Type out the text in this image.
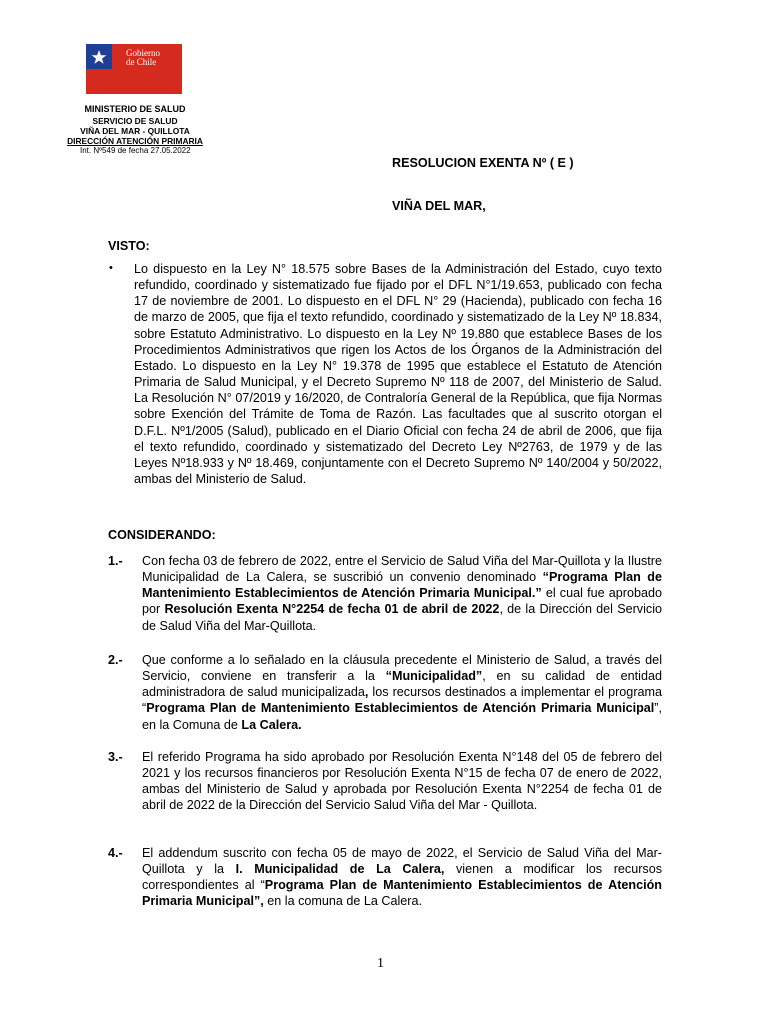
Gobierno
de Chile
MINISTERIO DE SALUD
SERVICIO DE SALUD
VIÑA DEL MAR - QUILLOTA
DIRECCIÓN ATENCIÓN PRIMARIA
Int. Nº549 de fecha 27.05.2022
RESOLUCION EXENTA Nº ( E )
VIÑA DEL MAR,
VISTO:
• Lo dispuesto en la Ley N° 18.575 sobre Bases de la Administración del Estado, cuyo texto refundido, coordinado y sistematizado fue fijado por el DFL N°1/19.653, publicado con fecha 17 de noviembre de 2001. Lo dispuesto en el DFL N° 29 (Hacienda), publicado con fecha 16 de marzo de 2005, que fija el texto refundido, coordinado y sistematizado de la Ley Nº 18.834, sobre Estatuto Administrativo. Lo dispuesto en la Ley Nº 19.880 que establece Bases de los Procedimientos Administrativos que rigen los Actos de los Órganos de la Administración del Estado. Lo dispuesto en la Ley N° 19.378 de 1995 que establece el Estatuto de Atención Primaria de Salud Municipal, y el Decreto Supremo Nº 118 de 2007, del Ministerio de Salud. La Resolución N° 07/2019 y 16/2020, de Contraloría General de la República, que fija Normas sobre Exención del Trámite de Toma de Razón. Las facultades que al suscrito otorgan el D.F.L. Nº1/2005 (Salud), publicado en el Diario Oficial con fecha 24 de abril de 2006, que fija el texto refundido, coordinado y sistematizado del Decreto Ley Nº2763, de 1979 y de las Leyes Nº18.933 y Nº 18.469, conjuntamente con el Decreto Supremo Nº 140/2004 y 50/2022, ambas del Ministerio de Salud.
CONSIDERANDO:
1.- Con fecha 03 de febrero de 2022, entre el Servicio de Salud Viña del Mar-Quillota y la Ilustre Municipalidad de La Calera, se suscribió un convenio denominado “Programa Plan de Mantenimiento Establecimientos de Atención Primaria Municipal.” el cual fue aprobado por Resolución Exenta N°2254 de fecha 01 de abril de 2022, de la Dirección del Servicio de Salud Viña del Mar-Quillota.
2.- Que conforme a lo señalado en la cláusula precedente el Ministerio de Salud, a través del Servicio, conviene en transferir a la “Municipalidad”, en su calidad de entidad administradora de salud municipalizada, los recursos destinados a implementar el programa “Programa Plan de Mantenimiento Establecimientos de Atención Primaria Municipal”, en la Comuna de La Calera.
3.- El referido Programa ha sido aprobado por Resolución Exenta N°148 del 05 de febrero del 2021 y los recursos financieros por Resolución Exenta N°15 de fecha 07 de enero de 2022, ambas del Ministerio de Salud y aprobada por Resolución Exenta N°2254 de fecha 01 de abril de 2022 de la Dirección del Servicio Salud Viña del Mar - Quillota.
4.- El addendum suscrito con fecha 05 de mayo de 2022, el Servicio de Salud Viña del Mar-Quillota y la I. Municipalidad de La Calera, vienen a modificar los recursos correspondientes al “Programa Plan de Mantenimiento Establecimientos de Atención Primaria Municipal”, en la comuna de La Calera.
1
